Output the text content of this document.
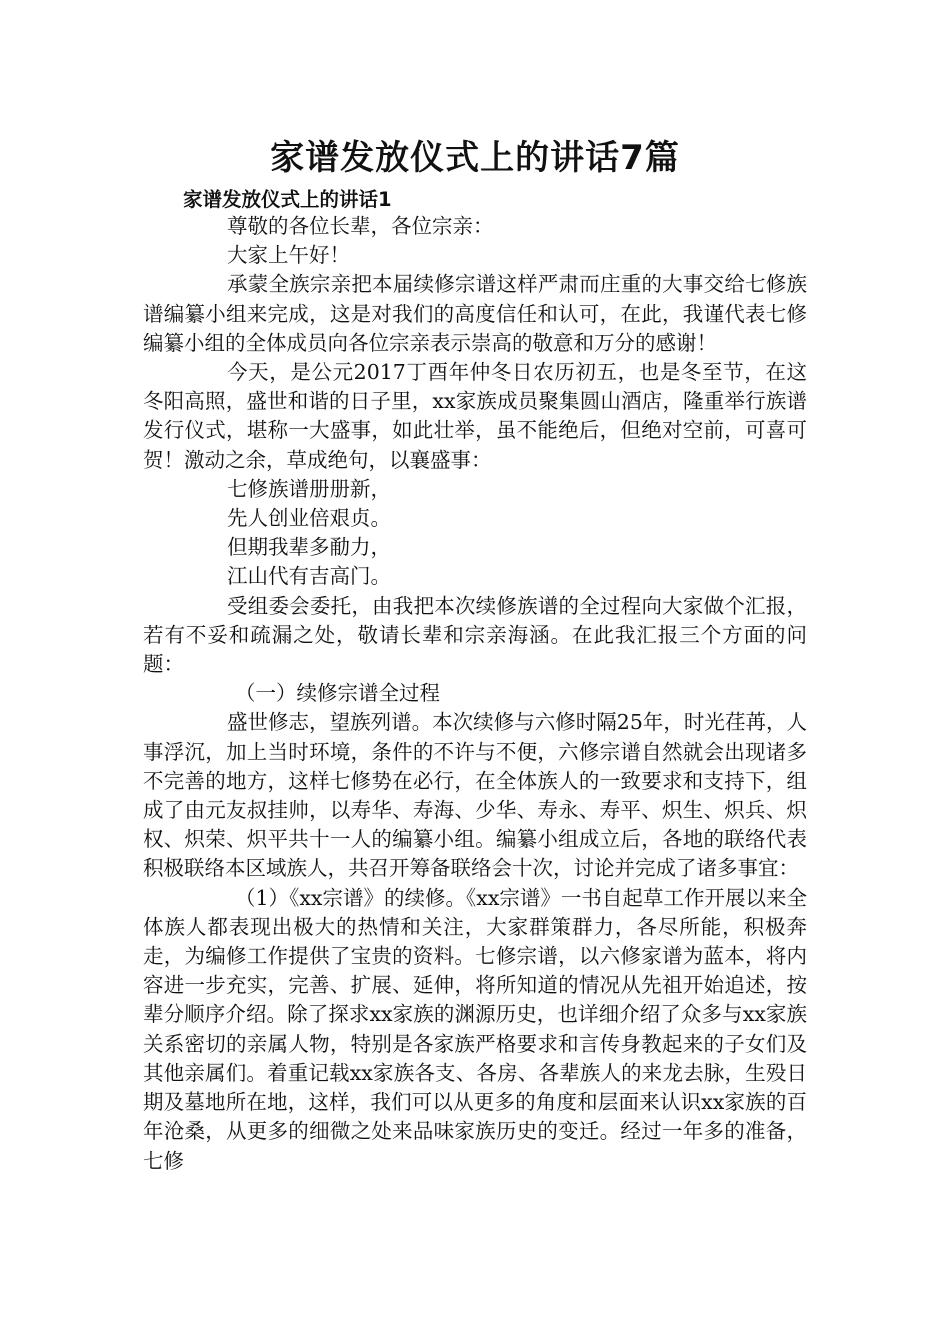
家谱发放仪式上的讲话7篇
家谱发放仪式上的讲话1

尊敬的各位长辈，各位宗亲：

大家上午好！

承蒙全族宗亲把本届续修宗谱这样严肃而庄重的大事交给七修族谱编纂小组来完成，这是对我们的高度信任和认可，在此，我谨代表七修编纂小组的全体成员向各位宗亲表示崇高的敬意和万分的感谢！

今天，是公元2017丁酉年仲冬日农历初五，也是冬至节，在这冬阳高照，盛世和谐的日子里，xx家族成员聚集圆山酒店，隆重举行族谱发行仪式，堪称一大盛事，如此壮举，虽不能绝后，但绝对空前，可喜可贺！激动之余，草成绝句，以襄盛事：

七修族谱册册新，

先人创业倍艰贞。

但期我辈多勈力，

江山代有吉高门。

受组委会委托，由我把本次续修族谱的全过程向大家做个汇报，若有不妥和疏漏之处，敬请长辈和宗亲海涵。在此我汇报三个方面的问题：

（一）续修宗谱全过程

盛世修志，望族列谱。本次续修与六修时隔25年，时光荏苒，人事浮沉，加上当时环境，条件的不许与不便，六修宗谱自然就会出现诸多不完善的地方，这样七修势在必行，在全体族人的一致要求和支持下，组成了由元友叔挂帅，以寿华、寿海、少华、寿永、寿平、炽生、炽兵、炽权、炽荣、炽平共十一人的编纂小组。编纂小组成立后，各地的联络代表积极联络本区域族人，共召开筹备联络会十次，讨论并完成了诸多事宜：

（1）《xx宗谱》的续修。《xx宗谱》一书自起草工作开展以来全体族人都表现出极大的热情和关注，大家群策群力，各尽所能，积极奔走，为编修工作提供了宝贵的资料。七修宗谱，以六修家谱为蓝本，将内容进一步充实，完善、扩展、延伸，将所知道的情况从先祖开始追述，按辈分顺序介绍。除了探求xx家族的渊源历史，也详细介绍了众多与xx家族关系密切的亲属人物，特别是各家族严格要求和言传身教起来的子女们及其他亲属们。着重记载xx家族各支、各房、各辈族人的来龙去脉，生殁日期及墓地所在地，这样，我们可以从更多的角度和层面来认识xx家族的百年沧桑，从更多的细微之处来品味家族历史的变迁。经过一年多的准备，七修
